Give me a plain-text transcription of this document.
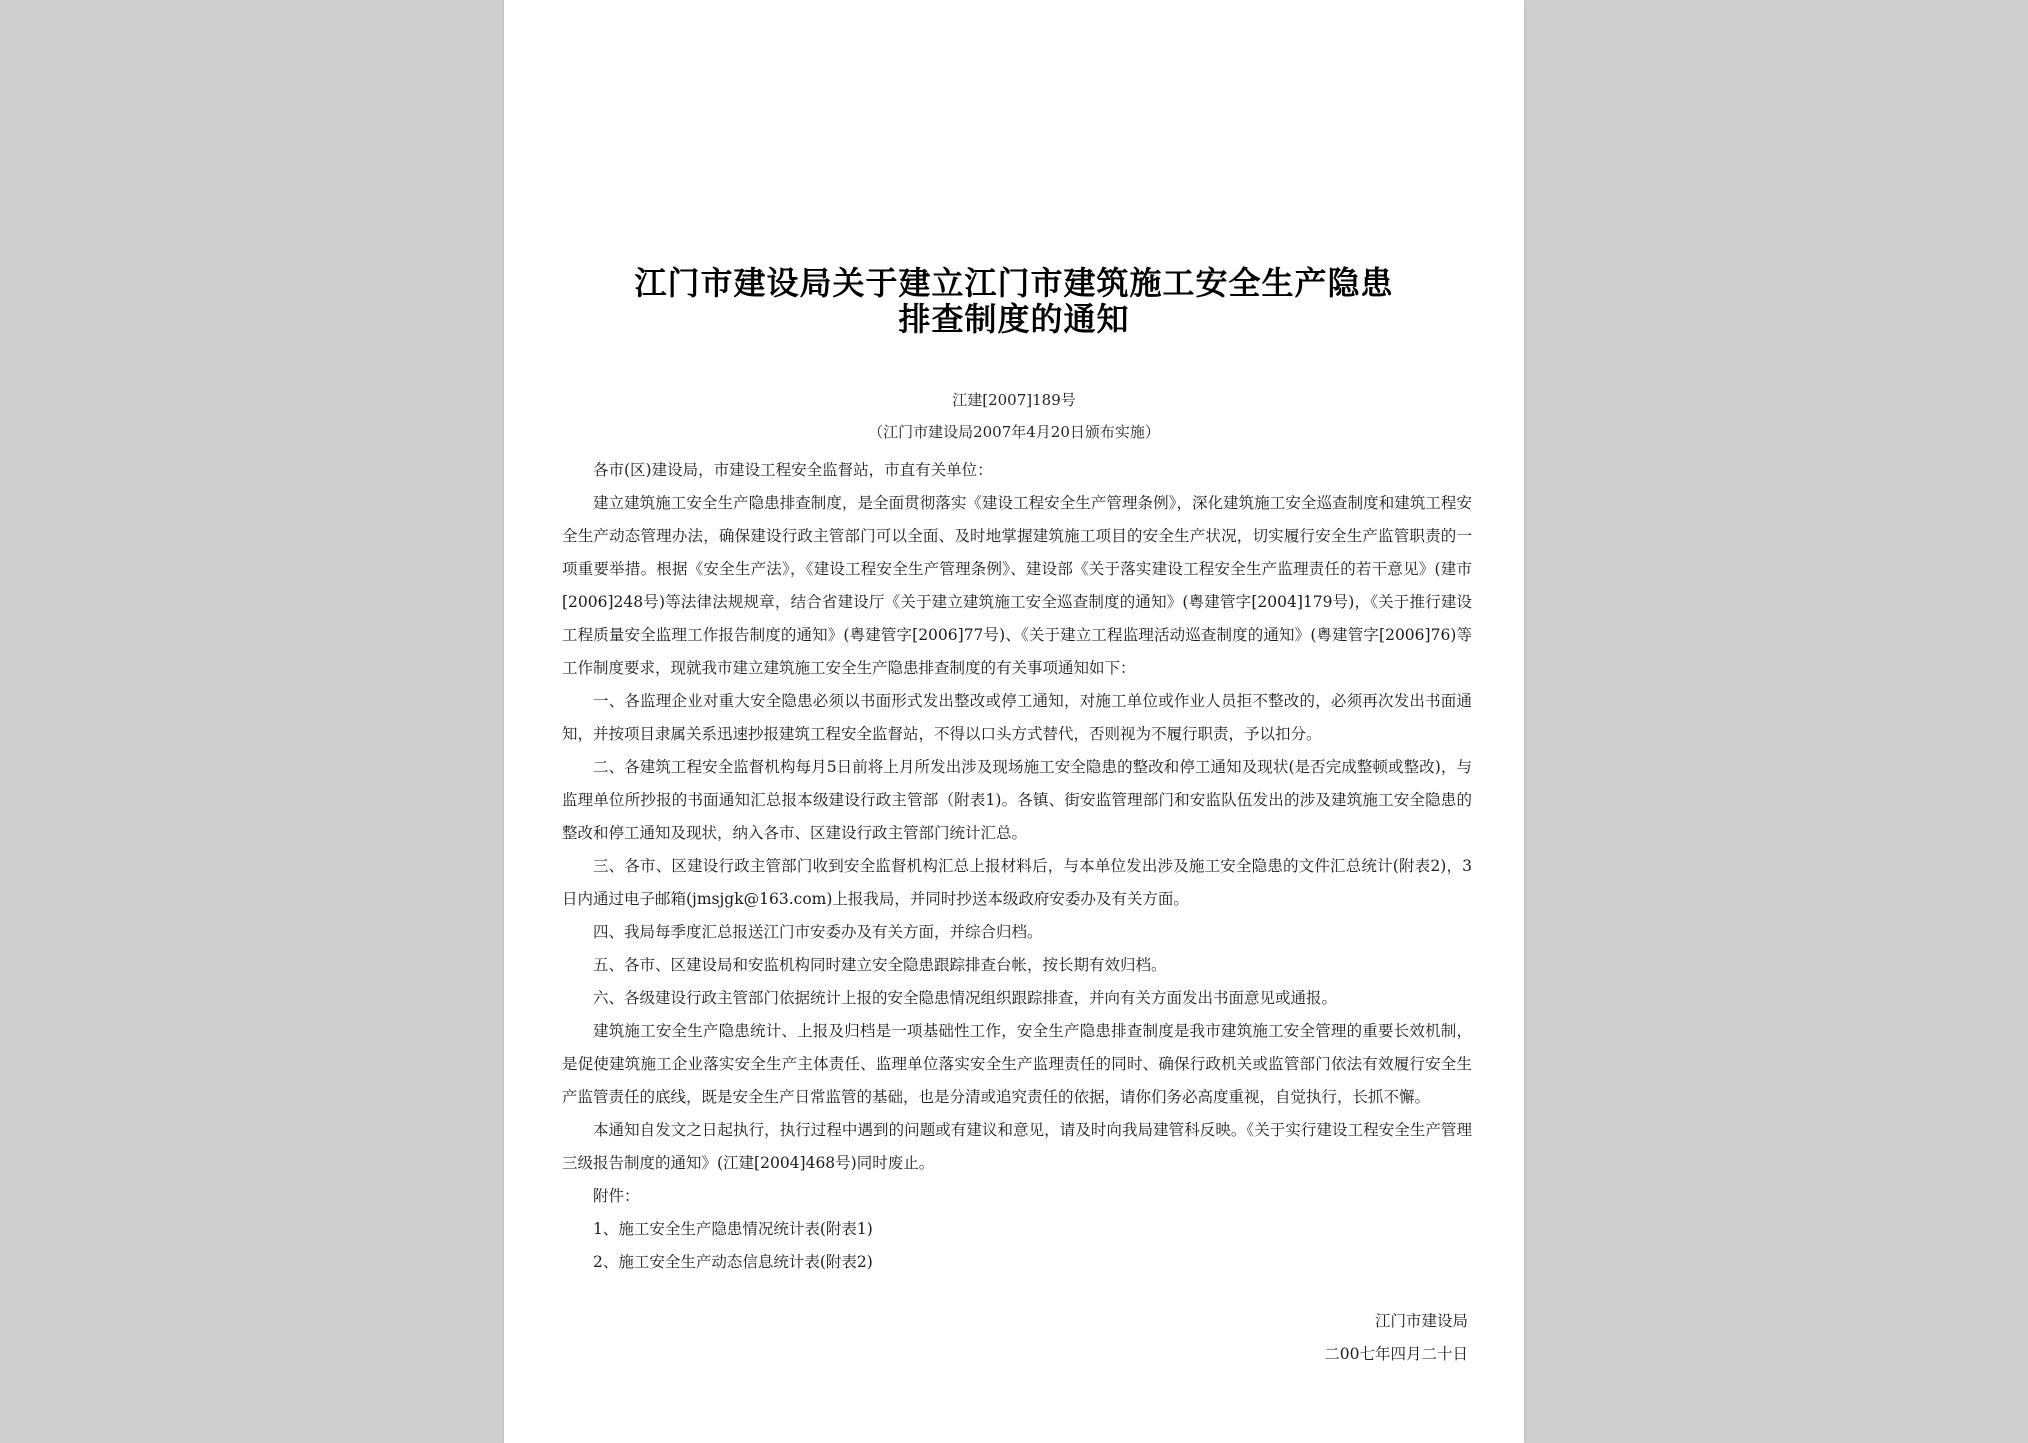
江门市建设局关于建立江门市建筑施工安全生产隐患
排查制度的通知
江建[2007]189号
（江门市建设局2007年4月20日颁布实施）

各市(区)建设局，市建设工程安全监督站，市直有关单位：

建立建筑施工安全生产隐患排查制度，是全面贯彻落实《建设工程安全生产管理条例》，深化建筑施工安全巡查制度和建筑工程安全生产动态管理办法，确保建设行政主管部门可以全面、及时地掌握建筑施工项目的安全生产状况，切实履行安全生产监管职责的一项重要举措。根据《安全生产法》，《建设工程安全生产管理条例》、建设部《关于落实建设工程安全生产监理责任的若干意见》(建市[2006]248号)等法律法规规章，结合省建设厅《关于建立建筑施工安全巡查制度的通知》(粤建管字[2004]179号)，《关于推行建设工程质量安全监理工作报告制度的通知》(粤建管字[2006]77号)、《关于建立工程监理活动巡查制度的通知》(粤建管字[2006]76)等工作制度要求，现就我市建立建筑施工安全生产隐患排查制度的有关事项通知如下：

一、各监理企业对重大安全隐患必须以书面形式发出整改或停工通知，对施工单位或作业人员拒不整改的，必须再次发出书面通知，并按项目隶属关系迅速抄报建筑工程安全监督站，不得以口头方式替代，否则视为不履行职责，予以扣分。

二、各建筑工程安全监督机构每月5日前将上月所发出涉及现场施工安全隐患的整改和停工通知及现状(是否完成整顿或整改)，与监理单位所抄报的书面通知汇总报本级建设行政主管部（附表1)。各镇、街安监管理部门和安监队伍发出的涉及建筑施工安全隐患的整改和停工通知及现状，纳入各市、区建设行政主管部门统计汇总。

三、各市、区建设行政主管部门收到安全监督机构汇总上报材料后，与本单位发出涉及施工安全隐患的文件汇总统计(附表2)，3日内通过电子邮箱(jmsjgk@163.com)上报我局，并同时抄送本级政府安委办及有关方面。

四、我局每季度汇总报送江门市安委办及有关方面，并综合归档。

五、各市、区建设局和安监机构同时建立安全隐患跟踪排查台帐，按长期有效归档。

六、各级建设行政主管部门依据统计上报的安全隐患情况组织跟踪排查，并向有关方面发出书面意见或通报。

建筑施工安全生产隐患统计、上报及归档是一项基础性工作，安全生产隐患排查制度是我市建筑施工安全管理的重要长效机制，是促使建筑施工企业落实安全生产主体责任、监理单位落实安全生产监理责任的同时、确保行政机关或监管部门依法有效履行安全生产监管责任的底线，既是安全生产日常监管的基础，也是分清或追究责任的依据，请你们务必高度重视，自觉执行，长抓不懈。

本通知自发文之日起执行，执行过程中遇到的问题或有建议和意见，请及时向我局建管科反映。《关于实行建设工程安全生产管理三级报告制度的通知》(江建[2004]468号)同时废止。

附件：

1、施工安全生产隐患情况统计表(附表1)

2、施工安全生产动态信息统计表(附表2)

江门市建设局
二00七年四月二十日
